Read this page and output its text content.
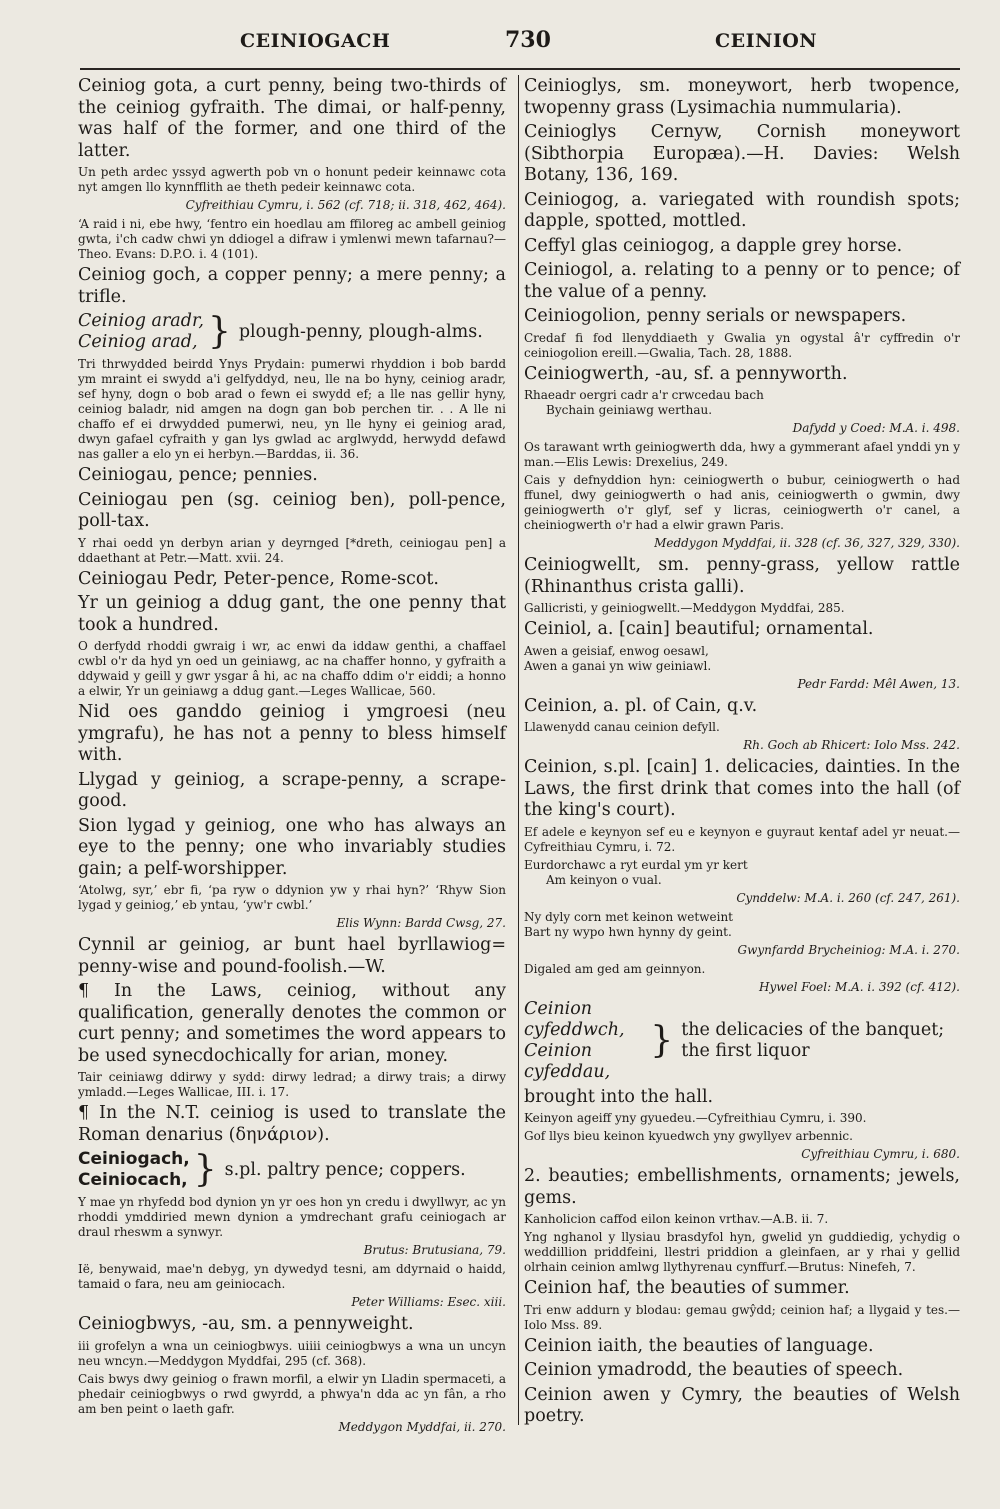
CEINIOGACH	730	CEINION

Ceiniog gota, a curt penny, being two-thirds of the ceiniog gyfraith. The dimai, or half-penny, was half of the former, and one third of the latter.

Un peth ardec yssyd agwerth pob vn o honunt pedeir keinnawc cota nyt amgen llo kynnfflith ae theth pedeir keinnawc cota.

Cyfreithiau Cymru, i. 562 (cf. 718; ii. 318, 462, 464).

‘A raid i ni, ebe hwy, ‘fentro ein hoedlau am ffiloreg ac ambell geiniog gwta, i'ch cadw chwi yn ddiogel a difraw i ymlenwi mewn tafarnau?—Theo. Evans: D.P.O. i. 4 (101).

Ceiniog goch, a copper penny; a mere penny; a trifle.

Ceiniog aradr,
Ceiniog arad, } plough-penny, plough-alms.

Tri thrwydded beirdd Ynys Prydain: pumerwi rhyddion i bob bardd ym mraint ei swydd a'i gelfyddyd, neu, lle na bo hyny, ceiniog aradr, sef hyny, dogn o bob arad o fewn ei swydd ef; a lle nas gellir hyny, ceiniog baladr, nid amgen na dogn gan bob perchen tir. . . A lle ni chaffo ef ei drwydded pumerwi, neu, yn lle hyny ei geiniog arad, dwyn gafael cyfraith y gan lys gwlad ac arglwydd, herwydd defawd nas galler a elo yn ei herbyn.—Barddas, ii. 36.

Ceiniogau, pence; pennies.

Ceiniogau pen (sg. ceiniog ben), poll-pence, poll-tax.

Y rhai oedd yn derbyn arian y deyrnged [*dreth, ceiniogau pen] a ddaethant at Petr.—Matt. xvii. 24.

Ceiniogau Pedr, Peter-pence, Rome-scot.

Yr un geiniog a ddug gant, the one penny that took a hundred.

O derfydd rhoddi gwraig i wr, ac enwi da iddaw genthi, a chaffael cwbl o'r da hyd yn oed un geiniawg, ac na chaffer honno, y gyfraith a ddywaid y geill y gwr ysgar â hi, ac na chaffo ddim o'r eiddi; a honno a elwir, Yr un geiniawg a ddug gant.—Leges Wallicae, 560.

Nid oes ganddo geiniog i ymgroesi (neu ymgrafu), he has not a penny to bless himself with.

Llygad y geiniog, a scrape-penny, a scrape-good.

Sion lygad y geiniog, one who has always an eye to the penny; one who invariably studies gain; a pelf-worshipper.

‘Atolwg, syr,’ ebr fi, ‘pa ryw o ddynion yw y rhai hyn?’ ‘Rhyw Sion lygad y geiniog,’ eb yntau, ‘yw'r cwbl.’

Elis Wynn: Bardd Cwsg, 27.

Cynnil ar geiniog, ar bunt hael byrllawiog= penny-wise and pound-foolish.—W.

¶ In the Laws, ceiniog, without any qualification, generally denotes the common or curt penny; and sometimes the word appears to be used synecdochically for arian, money.

Tair ceiniawg ddirwy y sydd: dirwy ledrad; a dirwy trais; a dirwy ymladd.—Leges Wallicae, III. i. 17.

¶ In the N.T. ceiniog is used to translate the Roman denarius (δηνάριον).

Ceiniogach,
Ceiniocach, } s.pl. paltry pence; coppers.

Y mae yn rhyfedd bod dynion yn yr oes hon yn credu i dwyllwyr, ac yn rhoddi ymddiried mewn dynion a ymdrechant grafu ceiniogach ar draul rheswm a synwyr.

Brutus: Brutusiana, 79.

Ië, benywaid, mae'n debyg, yn dywedyd tesni, am ddyrnaid o haidd, tamaid o fara, neu am geiniocach.

Peter Williams: Esec. xiii.

Ceiniogbwys, -au, sm. a pennyweight.

iii grofelyn a wna un ceiniogbwys. uiiii ceiniogbwys a wna un uncyn neu wncyn.—Meddygon Myddfai, 295 (cf. 368).

Cais bwys dwy geiniog o frawn morfil, a elwir yn Lladin spermaceti, a phedair ceiniogbwys o rwd gwyrdd, a phwya'n dda ac yn fân, a rho am ben peint o laeth gafr.

Meddygon Myddfai, ii. 270.

Ceinioglys, sm. moneywort, herb twopence, twopenny grass (Lysimachia nummularia).

Ceinioglys Cernyw, Cornish moneywort (Sibthorpia Europæa).—H. Davies: Welsh Botany, 136, 169.

Ceiniogog, a. variegated with roundish spots; dapple, spotted, mottled.

Ceffyl glas ceiniogog, a dapple grey horse.

Ceiniogol, a. relating to a penny or to pence; of the value of a penny.

Ceiniogolion, penny serials or newspapers.

Credaf fi fod llenyddiaeth y Gwalia yn ogystal â'r cyffredin o'r ceiniogolion ereill.—Gwalia, Tach. 28, 1888.

Ceiniogwerth, -au, sf. a pennyworth.

Rhaeadr oergri cadr a'r crwcedau bach

Bychain geiniawg werthau.

Dafydd y Coed: M.A. i. 498.

Os tarawant wrth geiniogwerth dda, hwy a gymmerant afael ynddi yn y man.—Elis Lewis: Drexelius, 249.

Cais y defnyddion hyn: ceiniogwerth o bubur, ceiniogwerth o had ffunel, dwy geiniogwerth o had anis, ceiniogwerth o gwmin, dwy geiniogwerth o'r glyf, sef y licras, ceiniogwerth o'r canel, a cheiniogwerth o'r had a elwir grawn Paris.

Meddygon Myddfai, ii. 328 (cf. 36, 327, 329, 330).

Ceiniogwellt, sm. penny-grass, yellow rattle (Rhinanthus crista galli).

Gallicristi, y geiniogwellt.—Meddygon Myddfai, 285.

Ceiniol, a. [cain] beautiful; ornamental.

Awen a geisiaf, enwog oesawl,

Awen a ganai yn wiw geiniawl.

Pedr Fardd: Mêl Awen, 13.

Ceinion, a. pl. of Cain, q.v.

Llawenydd canau ceinion defyll.

Rh. Goch ab Rhicert: Iolo Mss. 242.

Ceinion, s.pl. [cain] 1. delicacies, dainties. In the Laws, the first drink that comes into the hall (of the king's court).

Ef adele e keynyon sef eu e keynyon e guyraut kentaf adel yr neuat.—Cyfreithiau Cymru, i. 72.

Eurdorchawc a ryt eurdal ym yr kert

Am keinyon o vual.

Cynddelw: M.A. i. 260 (cf. 247, 261).

Ny dyly corn met keinon wetweint

Bart ny wypo hwn hynny dy geint.

Gwynfardd Brycheiniog: M.A. i. 270.

Digaled am ged am geinnyon.

Hywel Foel: M.A. i. 392 (cf. 412).

Ceinion cyfeddwch,
Ceinion cyfeddau,
} the delicacies of the banquet; the first liquor

brought into the hall.

Keinyon ageiff yny gyuedeu.—Cyfreithiau Cymru, i. 390.

Gof llys bieu keinon kyuedwch yny gwyllyev arbennic.

Cyfreithiau Cymru, i. 680.

2. beauties; embellishments, ornaments; jewels, gems.

Kanholicion caffod eilon keinon vrthav.—A.B. ii. 7.

Yng nghanol y llysiau brasdyfol hyn, gwelid yn guddiedig, ychydig o weddillion priddfeini, llestri priddion a gleinfaen, ar y rhai y gellid olrhain ceinion amlwg llythyrenau cynffurf.—Brutus: Ninefeh, 7.

Ceinion haf, the beauties of summer.

Tri enw addurn y blodau: gemau gwŷdd; ceinion haf; a llygaid y tes.—Iolo Mss. 89.

Ceinion iaith, the beauties of language.

Ceinion ymadrodd, the beauties of speech.

Ceinion awen y Cymry, the beauties of Welsh poetry.
